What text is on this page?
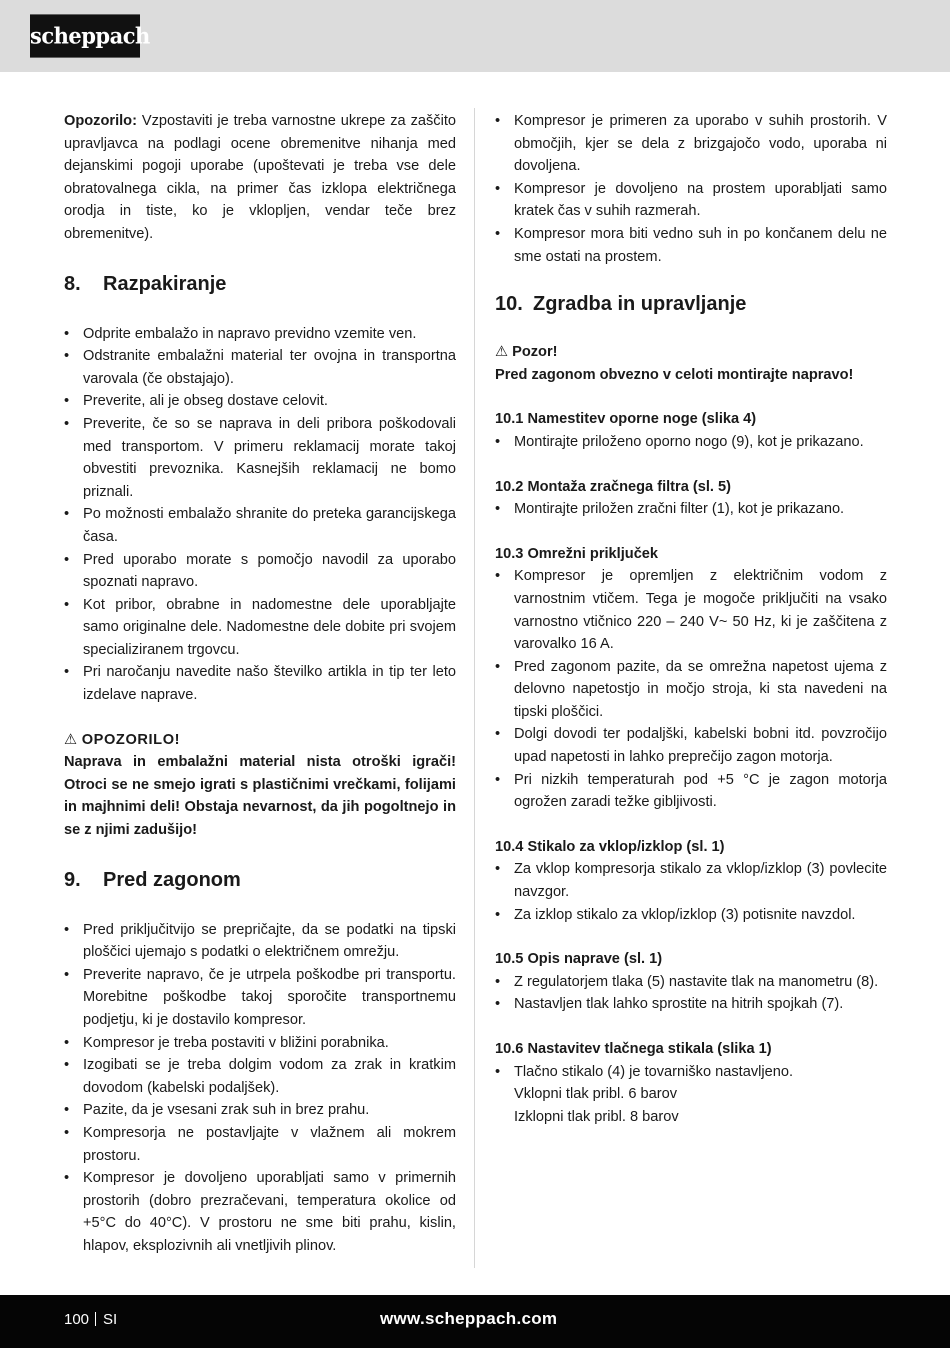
scheppach

Opozorilo: Vzpostaviti je treba varnostne ukrepe za zaščito upravljavca na podlagi ocene obremenitve nihanja med dejanskimi pogoji uporabe (upoštevati je treba vse dele obratovalnega cikla, na primer čas izklopa električnega orodja in tiste, ko je vklopljen, vendar teče brez obremenitve).

8. Razpakiranje
• Odprite embalažo in napravo previdno vzemite ven.
• Odstranite embalažni material ter ovojna in transportna varovala (če obstajajo).
• Preverite, ali je obseg dostave celovit.
• Preverite, če so se naprava in deli pribora poškodovali med transportom. V primeru reklamacij morate takoj obvestiti prevoznika. Kasnejših reklamacij ne bomo priznali.
• Po možnosti embalažo shranite do preteka garancijskega časa.
• Pred uporabo morate s pomočjo navodil za uporabo spoznati napravo.
• Kot pribor, obrabne in nadomestne dele uporabljajte samo originalne dele. Nadomestne dele dobite pri svojem specializiranem trgovcu.
• Pri naročanju navedite našo številko artikla in tip ter leto izdelave naprave.

⚠ OPOZORILO!

Naprava in embalažni material nista otroški igrači! Otroci se ne smejo igrati s plastičnimi vrečkami, folijami in majhnimi deli! Obstaja nevarnost, da jih pogoltnejo in se z njimi zadušijo!

9. Pred zagonom
• Pred priključitvijo se prepričajte, da se podatki na tipski ploščici ujemajo s podatki o električnem omrežju.
• Preverite napravo, če je utrpela poškodbe pri transportu. Morebitne poškodbe takoj sporočite transportnemu podjetju, ki je dostavilo kompresor.
• Kompresor je treba postaviti v bližini porabnika.
• Izogibati se je treba dolgim vodom za zrak in kratkim dovodom (kabelski podaljšek).
• Pazite, da je vsesani zrak suh in brez prahu.
• Kompresorja ne postavljajte v vlažnem ali mokrem prostoru.
• Kompresor je dovoljeno uporabljati samo v primernih prostorih (dobro prezračevani, temperatura okolice od +5°C do 40°C). V prostoru ne sme biti prahu, kislin, hlapov, eksplozivnih ali vnetljivih plinov.
• Kompresor je primeren za uporabo v suhih prostorih. V območjih, kjer se dela z brizgajočo vodo, uporaba ni dovoljena.
• Kompresor je dovoljeno na prostem uporabljati samo kratek čas v suhih razmerah.
• Kompresor mora biti vedno suh in po končanem delu ne sme ostati na prostem.
10. Zgradba in upravljanje

⚠ Pozor!

Pred zagonom obvezno v celoti montirajte napravo!

10.1 Namestitev oporne noge (slika 4)
• Montirajte priloženo oporno nogo (9), kot je prikazano.
10.2 Montaža zračnega filtra (sl. 5)
• Montirajte priložen zračni filter (1), kot je prikazano.
10.3 Omrežni priključek
• Kompresor je opremljen z električnim vodom z varnostnim vtičem. Tega je mogoče priključiti na vsako varnostno vtičnico 220 – 240 V~ 50 Hz, ki je zaščitena z varovalko 16 A.
• Pred zagonom pazite, da se omrežna napetost ujema z delovno napetostjo in močjo stroja, ki sta navedeni na tipski ploščici.
• Dolgi dovodi ter podaljški, kabelski bobni itd. povzročijo upad napetosti in lahko preprečijo zagon motorja.
• Pri nizkih temperaturah pod +5 °C je zagon motorja ogrožen zaradi težke gibljivosti.
10.4 Stikalo za vklop/izklop (sl. 1)
• Za vklop kompresorja stikalo za vklop/izklop (3) povlecite navzgor.
• Za izklop stikalo za vklop/izklop (3) potisnite navzdol.
10.5 Opis naprave (sl. 1)
• Z regulatorjem tlaka (5) nastavite tlak na manometru (8).
• Nastavljen tlak lahko sprostite na hitrih spojkah (7).
10.6 Nastavitev tlačnega stikala (slika 1)
• Tlačno stikalo (4) je tovarniško nastavljeno.

Vklopni tlak pribl. 6 barov

Izklopni tlak pribl. 8 barov

100 SI	www.scheppach.com
